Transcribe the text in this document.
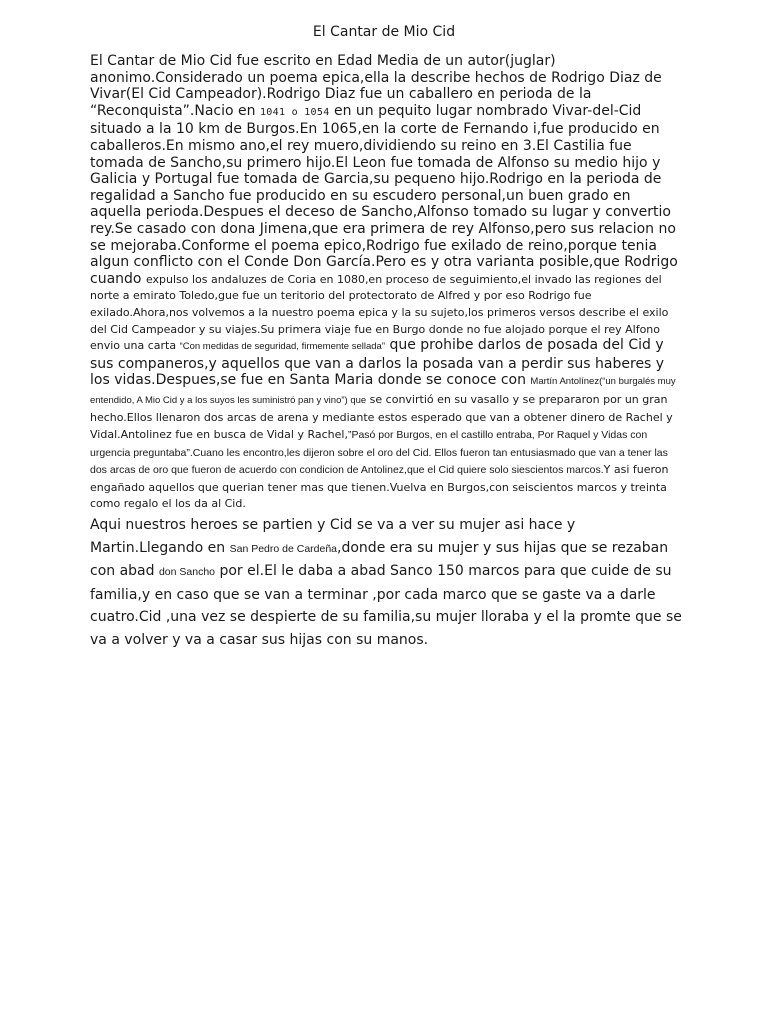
El Cantar de Mio Cid

El Cantar de Mio Cid fue escrito en Edad Media de un autor(juglar) anonimo.Considerado un poema epica,ella la describe hechos de Rodrigo Diaz de Vivar(El Cid Campeador).Rodrigo Diaz fue un caballero en perioda de la “Reconquista”.Nacio en 1041 o 1054 en un pequito lugar nombrado Vivar-del-Cid situado a la 10 km de Burgos.En 1065,en la corte de Fernando i,fue producido en caballeros.En mismo ano,el rey muero,dividiendo su reino en 3.El Castilia fue tomada de Sancho,su primero hijo.El Leon fue tomada de Alfonso su medio hijo y Galicia y Portugal fue tomada de Garcia,su pequeno hijo.Rodrigo en la perioda de regalidad a Sancho fue producido en su escudero personal,un buen grado en aquella perioda.Despues el deceso de Sancho,Alfonso tomado su lugar y convertio rey.Se casado con dona Jimena,que era primera de rey Alfonso,pero sus relacion no se mejoraba.Conforme el poema epico,Rodrigo fue exilado de reino,porque tenia algun conflicto con el Conde Don García.Pero es y otra varianta posible,que Rodrigo cuando expulso los andaluzes de Coria en 1080,en proceso de seguimiento,el invado las regiones del norte a emirato Toledo,gue fue un teritorio del protectorato de Alfred y por eso Rodrigo fue exilado.Ahora,nos volvemos a la nuestro poema epica y la su sujeto,los primeros versos describe el exilo del Cid Campeador y su viajes.Su primera viaje fue en Burgo donde no fue alojado porque el rey Alfono envio una carta “Con medidas de seguridad, firmemente sellada” que prohibe darlos de posada del Cid y sus companeros,y aquellos que van a darlos la posada van a perdir sus haberes y los vidas.Despues,se fue en Santa Maria donde se conoce con Martín Antolínez(“un burgalés muy entendido, A Mio Cid y a los suyos les suministró pan y vino”) que se convirtió en su vasallo y se prepararon por un gran hecho.Ellos llenaron dos arcas de arena y mediante estos esperado que van a obtener dinero de Rachel y Vidal.Antolinez fue en busca de Vidal y Rachel,”Pasó por Burgos, en el castillo entraba, Por Raquel y Vidas con urgencia preguntaba”.Cuano les encontro,les dijeron sobre el oro del Cid. Ellos fueron tan entusiasmado que van a tener las dos arcas de oro que fueron de acuerdo con condicion de Antolinez,que el Cid quiere solo siescientos marcos.Y asi fueron engañado aquellos que querian tener mas que tienen.Vuelva en Burgos,con seiscientos marcos y treinta como regalo el los da al Cid.

Aqui nuestros heroes se partien y Cid se va a ver su mujer asi hace y Martin.Llegando en San Pedro de Cardeña,donde era su mujer y sus hijas que se rezaban con abad don Sancho por el.El le daba a abad Sanco 150 marcos para que cuide de su familia,y en caso que se van a terminar ,por cada marco que se gaste va a darle cuatro.Cid ,una vez se despierte de su familia,su mujer lloraba y el la promte que se va a volver y va a casar sus hijas con su manos.
